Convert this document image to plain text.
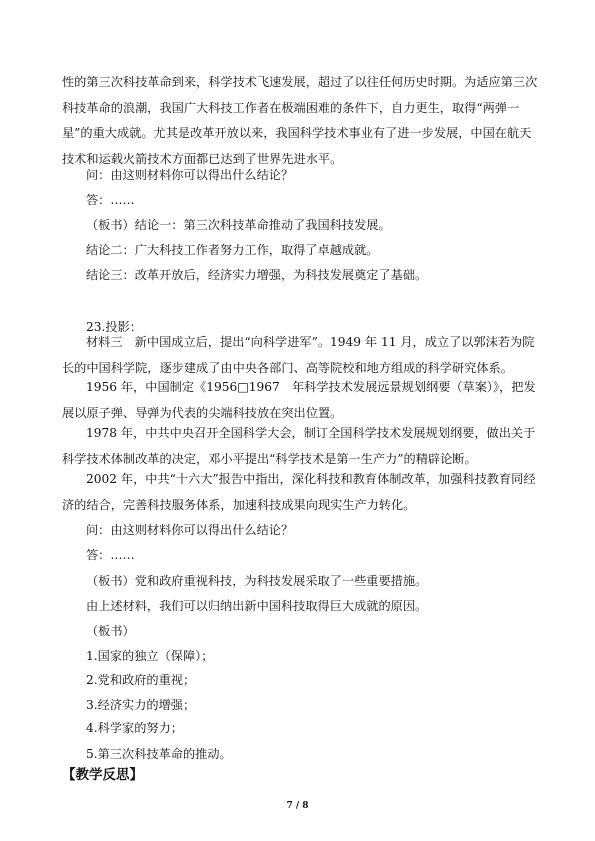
性的第三次科技革命到来，科学技术飞速发展，超过了以往任何历史时期。为适应第三次科技革命的浪潮，我国广大科技工作者在极端困难的条件下，自力更生，取得“两弹一星”的重大成就。尤其是改革开放以来，我国科学技术事业有了进一步发展，中国在航天技术和运载火箭技术方面都已达到了世界先进水平。

问：由这则材料你可以得出什么结论？

答：……

（板书）结论一：第三次科技革命推动了我国科技发展。

结论二：广大科技工作者努力工作，取得了卓越成就。

结论三：改革开放后，经济实力增强，为科技发展奠定了基础。

23.投影：

材料三　新中国成立后，提出“向科学进军”。1949 年 11 月，成立了以郭沫若为院长的中国科学院，逐步建成了由中央各部门、高等院校和地方组成的科学研究体系。

1956 年，中国制定《1956□1967　年科学技术发展远景规划纲要（草案）》，把发展以原子弹、导弹为代表的尖端科技放在突出位置。

1978 年，中共中央召开全国科学大会，制订全国科学技术发展规划纲要，做出关于科学技术体制改革的决定，邓小平提出“科学技术是第一生产力”的精辟论断。

2002 年，中共“十六大”报告中指出，深化科技和教育体制改革，加强科技教育同经济的结合，完善科技服务体系，加速科技成果向现实生产力转化。

问：由这则材料你可以得出什么结论？

答：……

（板书）党和政府重视科技，为科技发展采取了一些重要措施。

由上述材料，我们可以归纳出新中国科技取得巨大成就的原因。

（板书）

1.国家的独立（保障）；

2.党和政府的重视；

3.经济实力的增强；

4.科学家的努力；

5.第三次科技革命的推动。

【教学反思】

7 / 8
